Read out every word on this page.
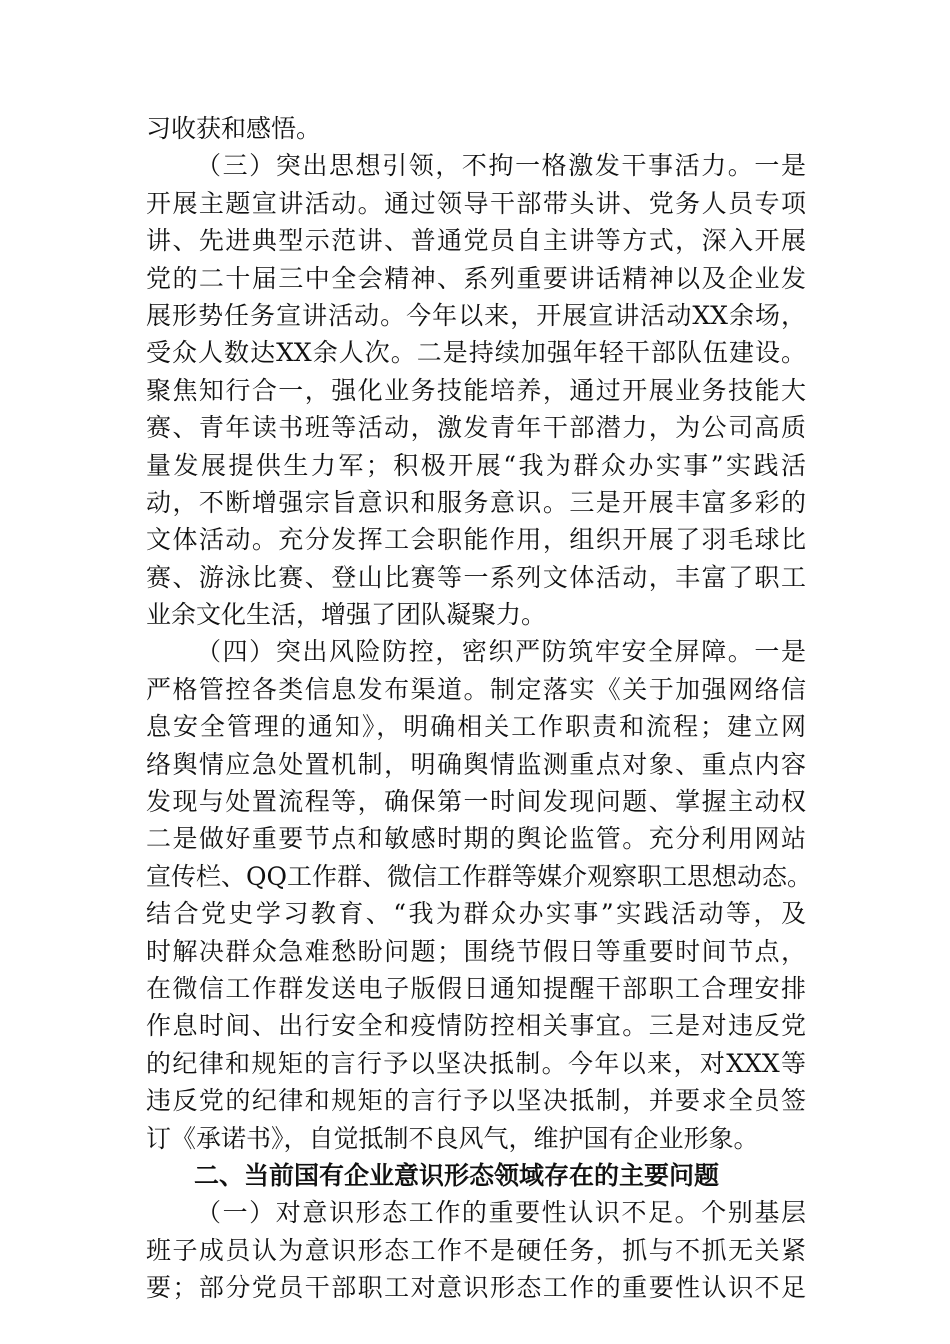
习收获和感悟。
（三）突出思想引领，不拘一格激发干事活力。一是
开展主题宣讲活动。通过领导干部带头讲、党务人员专项
讲、先进典型示范讲、普通党员自主讲等方式，深入开展
党的二十届三中全会精神、系列重要讲话精神以及企业发
展形势任务宣讲活动。今年以来，开展宣讲活动XX余场，
受众人数达XX余人次。二是持续加强年轻干部队伍建设。
聚焦知行合一，强化业务技能培养，通过开展业务技能大
赛、青年读书班等活动，激发青年干部潜力，为公司高质
量发展提供生力军；积极开展“我为群众办实事”实践活
动，不断增强宗旨意识和服务意识。三是开展丰富多彩的
文体活动。充分发挥工会职能作用，组织开展了羽毛球比
赛、游泳比赛、登山比赛等一系列文体活动，丰富了职工
业余文化生活，增强了团队凝聚力。
（四）突出风险防控，密织严防筑牢安全屏障。一是
严格管控各类信息发布渠道。制定落实《关于加强网络信
息安全管理的通知》，明确相关工作职责和流程；建立网
络舆情应急处置机制，明确舆情监测重点对象、重点内容
发现与处置流程等，确保第一时间发现问题、掌握主动权
二是做好重要节点和敏感时期的舆论监管。充分利用网站
宣传栏、QQ工作群、微信工作群等媒介观察职工思想动态。
结合党史学习教育、“我为群众办实事”实践活动等，及
时解决群众急难愁盼问题；围绕节假日等重要时间节点，
在微信工作群发送电子版假日通知提醒干部职工合理安排
作息时间、出行安全和疫情防控相关事宜。三是对违反党
的纪律和规矩的言行予以坚决抵制。今年以来，对XXX等
违反党的纪律和规矩的言行予以坚决抵制，并要求全员签
订《承诺书》，自觉抵制不良风气，维护国有企业形象。
二、当前国有企业意识形态领域存在的主要问题
（一）对意识形态工作的重要性认识不足。个别基层
班子成员认为意识形态工作不是硬任务，抓与不抓无关紧
要；部分党员干部职工对意识形态工作的重要性认识不足
